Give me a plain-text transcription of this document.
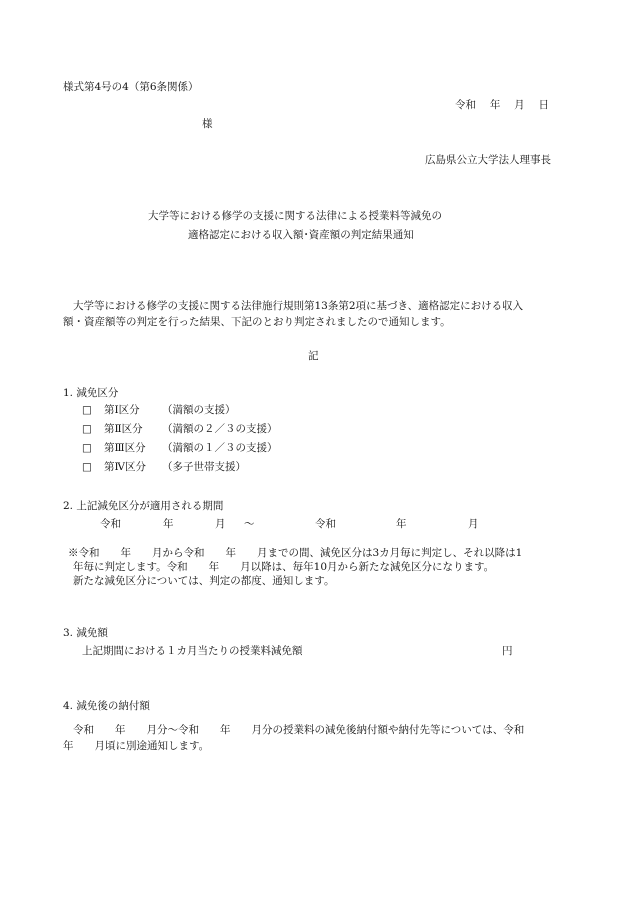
様式第4号の4（第6条関係）
令和　 年　 月　 日
様
広島県公立大学法人理事長
大学等における修学の支援に関する法律による授業料等減免の
適格認定における収入額･資産額の判定結果通知
大学等における修学の支援に関する法律施行規則第13条第2項に基づき、適格認定における収入
額・資産額等の判定を行った結果、下記のとおり判定されましたので通知します。
記
1. 減免区分
□ 第Ⅰ区分 （満額の支援）
□ 第Ⅱ区分 （満額の２／３の支援）
□ 第Ⅲ区分 （満額の１／３の支援）
□ 第Ⅳ区分 （多子世帯支援）
2. 上記減免区分が適用される期間
令和	年	月 ～	令和	年	月
※令和　　年　　月から令和　　年　　月までの間、減免区分は3カ月毎に判定し、それ以降は1
年毎に判定します。令和　　年　　月以降は、毎年10月から新たな減免区分になります。
新たな減免区分については、判定の都度、通知します。
3. 減免額
上記期間における１カ月当たりの授業料減免額	円
4. 減免後の納付額
令和　　年　　月分～令和　　年　　月分の授業料の減免後納付額や納付先等については、令和
年　　月頃に別途通知します。
